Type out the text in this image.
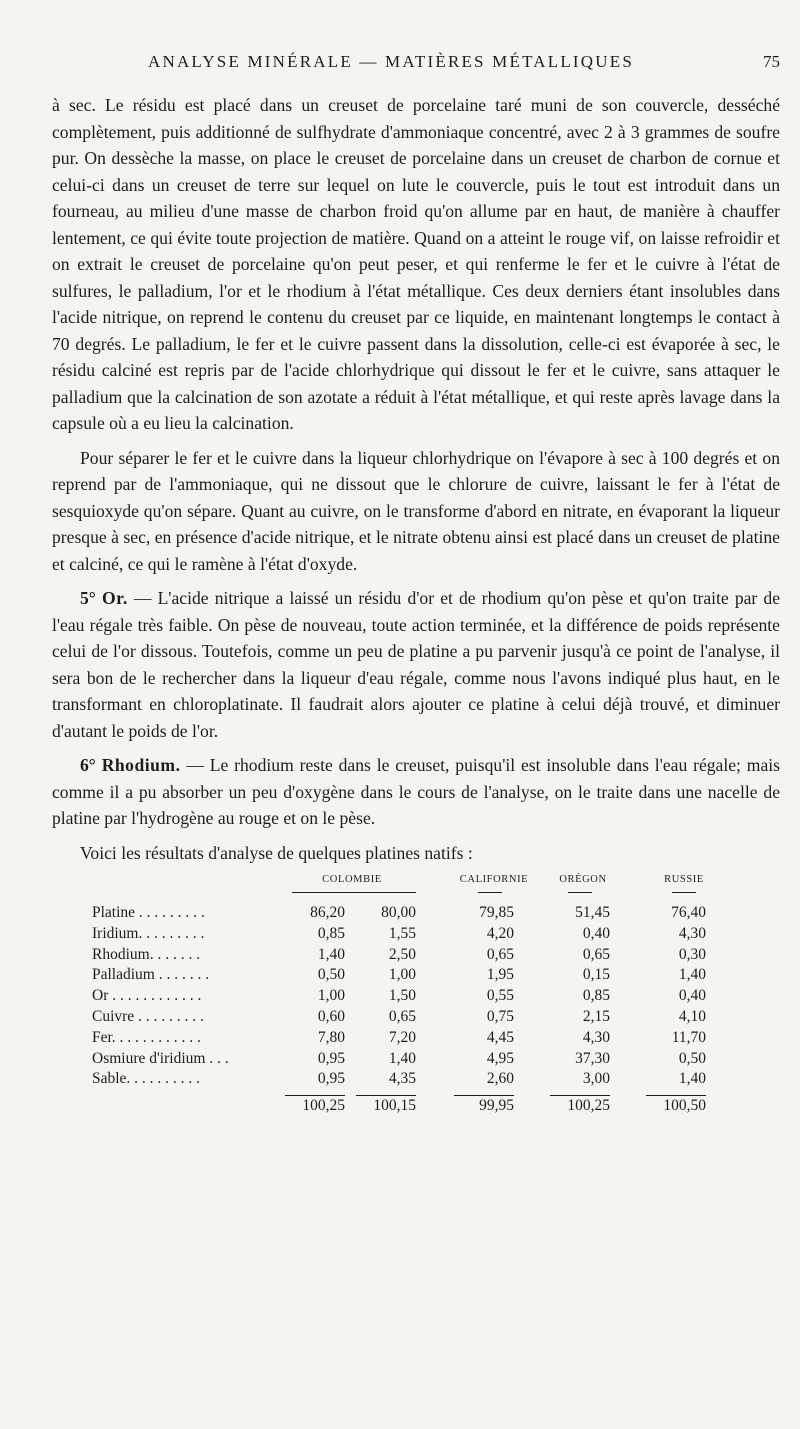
ANALYSE MINÉRALE — MATIÈRES MÉTALLIQUES	75

à sec. Le résidu est placé dans un creuset de porcelaine taré muni de son couvercle, desséché complètement, puis additionné de sulfhydrate d'ammoniaque concentré, avec 2 à 3 grammes de soufre pur. On dessèche la masse, on place le creuset de porcelaine dans un creuset de charbon de cornue et celui-ci dans un creuset de terre sur lequel on lute le couvercle, puis le tout est introduit dans un fourneau, au milieu d'une masse de charbon froid qu'on allume par en haut, de manière à chauffer lentement, ce qui évite toute projection de matière. Quand on a atteint le rouge vif, on laisse refroidir et on extrait le creuset de porcelaine qu'on peut peser, et qui renferme le fer et le cuivre à l'état de sulfures, le palladium, l'or et le rhodium à l'état métallique. Ces deux derniers étant insolubles dans l'acide nitrique, on reprend le contenu du creuset par ce liquide, en maintenant longtemps le contact à 70 degrés. Le palladium, le fer et le cuivre passent dans la dissolution, celle-ci est évaporée à sec, le résidu calciné est repris par de l'acide chlorhydrique qui dissout le fer et le cuivre, sans attaquer le palladium que la calcination de son azotate a réduit à l'état métallique, et qui reste après lavage dans la capsule où a eu lieu la calcination.

Pour séparer le fer et le cuivre dans la liqueur chlorhydrique on l'évapore à sec à 100 degrés et on reprend par de l'ammoniaque, qui ne dissout que le chlorure de cuivre, laissant le fer à l'état de sesquioxyde qu'on sépare. Quant au cuivre, on le transforme d'abord en nitrate, en évaporant la liqueur presque à sec, en présence d'acide nitrique, et le nitrate obtenu ainsi est placé dans un creuset de platine et calciné, ce qui le ramène à l'état d'oxyde.

5° Or. — L'acide nitrique a laissé un résidu d'or et de rhodium qu'on pèse et qu'on traite par de l'eau régale très faible. On pèse de nouveau, toute action terminée, et la différence de poids représente celui de l'or dissous. Toutefois, comme un peu de platine a pu parvenir jusqu'à ce point de l'analyse, il sera bon de le rechercher dans la liqueur d'eau régale, comme nous l'avons indiqué plus haut, en le transformant en chloroplatinate. Il faudrait alors ajouter ce platine à celui déjà trouvé, et diminuer d'autant le poids de l'or.

6° Rhodium. — Le rhodium reste dans le creuset, puisqu'il est insoluble dans l'eau régale; mais comme il a pu absorber un peu d'oxygène dans le cours de l'analyse, on le traite dans une nacelle de platine par l'hydrogène au rouge et on le pèse.

Voici les résultats d'analyse de quelques platines natifs :

COLOMBIE	CALIFORNIE	ORÉGON	RUSSIE
Platine . . . . . . . . .	86,20 80,00	79,85	51,45	76,40
Iridium. . . . . . . . .	0,85	1,55	4,20	0,40	4,30
Rhodium. . . . . . .	1,40	2,50	0,65	0,65	0,30
Palladium . . . . . . .	0,50	1,00	1,95	0,15	1,40
Or . . . . . . . . . . . .	1,00	1,50	0,55	0,85	0,40
Cuivre . . . . . . . . .	0,60	0,65	0,75	2,15	4,10
Fer. . . . . . . . . . . .	7,80	7,20	4,45	4,30	11,70
Osmiure d'iridium . . .	0,95	1,40	4,95	37,30	0,50
Sable. . . . . . . . . .	0,95	4,35	2,60	3,00	1,40
100,25 100,15	99,95	100,25	100,50
